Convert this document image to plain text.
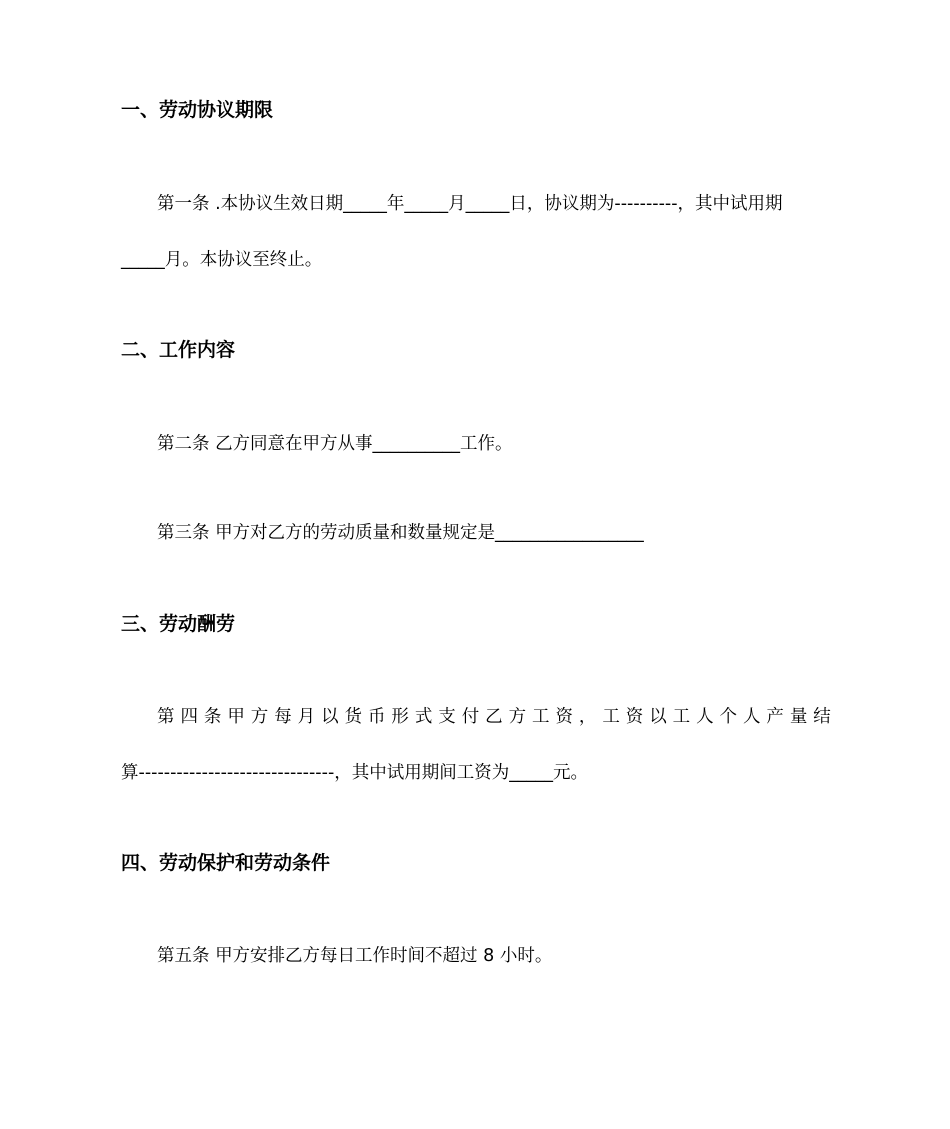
一、劳动协议期限
第一条 .本协议生效日期_____年_____月_____日，协议期为----------，其中试用期
_____月。本协议至终止。
二、工作内容
第二条 乙方同意在甲方从事__________工作。
第三条 甲方对乙方的劳动质量和数量规定是_________________
三、劳动酬劳
第 四 条 甲 方 每 月 以 货 币 形 式 支 付 乙 方 工 资 ， 工 资 以 工 人 个 人 产 量 结
算-------------------------------，其中试用期间工资为_____元。
四、劳动保护和劳动条件
第五条 甲方安排乙方每日工作时间不超过 8 小时。
